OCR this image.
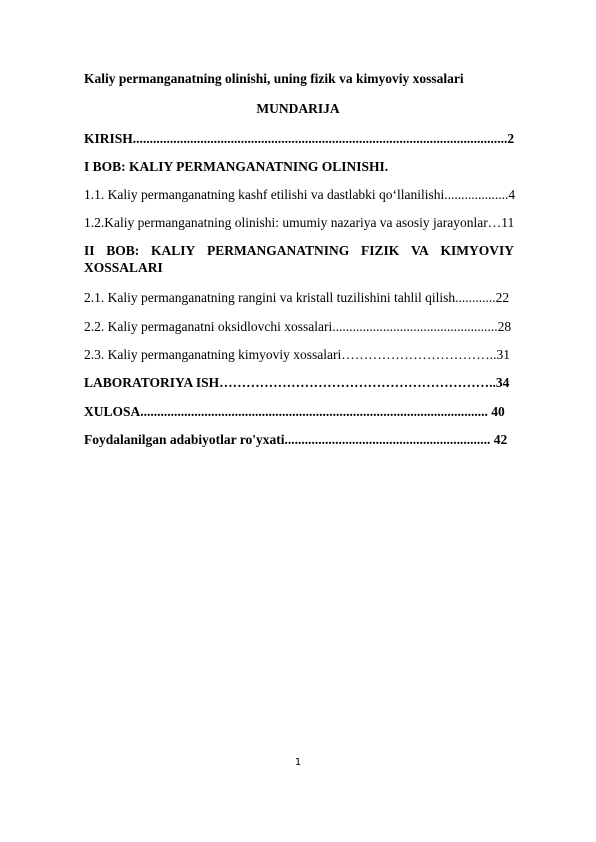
Kaliy permanganatning olinishi, uning fizik va kimyoviy xossalari
MUNDARIJA
KIRISH...............................................................................................................2
I BOB: KALIY PERMANGANATNING OLINISHI.
1.1. Kaliy permanganatning kashf etilishi va dastlabki qo‘llanilishi...................4
1.2.Kaliy permanganatning olinishi: umumiy nazariya va asosiy jarayonlar…11
II BOB: KALIY PERMANGANATNING FIZIK VA KIMYOVIY
XOSSALARI
2.1. Kaliy permanganatning rangini va kristall tuzilishini tahlil qilish............22
2.2. Kaliy permaganatni oksidlovchi xossalari.................................................28
2.3. Kaliy permanganatning kimyoviy xossalari……………………………..31
LABORATORIYA ISH……………………………………………………..34
XULOSA....................................................................................................... 40
Foydalanilgan adabiyotlar ro'yxati............................................................. 42
1
